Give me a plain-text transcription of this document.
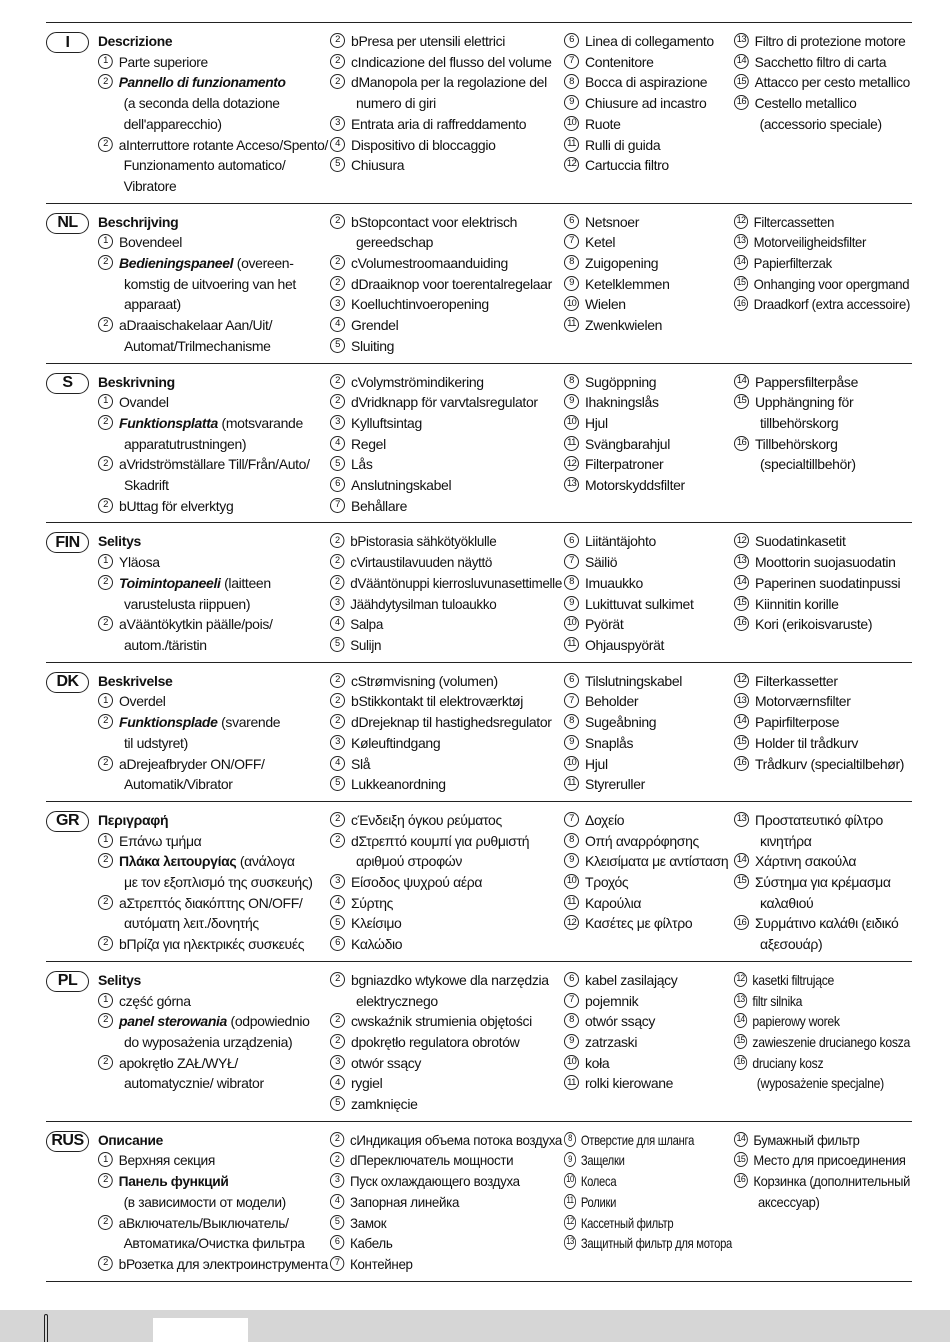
I	Descrizione
1 Parte superiore
2 Pannello di funzionamento
(a seconda della dotazione
dell'apparecchio)
2 aInterruttore rotante Acceso/Spento/
Funzionamento automatico/
Vibratore
2 bPresa per utensili elettrici
2 cIndicazione del flusso del volume
2 dManopola per la regolazione del
numero di giri
3 Entrata aria di raffreddamento
4 Dispositivo di bloccaggio
5 Chiusura
6 Linea di collegamento
7 Contenitore
8 Bocca di aspirazione
9 Chiusure ad incastro
10 Ruote
11 Rulli di guida
12 Cartuccia filtro
13 Filtro di protezione motore
14 Sacchetto filtro di carta
15 Attacco per cesto metallico
16 Cestello metallico
(accessorio speciale)
NL	Beschrijving
1 Bovendeel
2 Bedieningspaneel (overeen-
komstig de uitvoering van het
apparaat)
2 aDraaischakelaar Aan/Uit/
Automat/Trilmechanisme
2 bStopcontact voor elektrisch
gereedschap
2 cVolumestroomaanduiding
2 dDraaiknop voor toerentalregelaar
3 Koelluchtinvoeropening
4 Grendel
5 Sluiting
6 Netsnoer
7 Ketel
8 Zuigopening
9 Ketelklemmen
10 Wielen
11 Zwenkwielen
12 Filtercassetten
13 Motorveiligheidsfilter
14 Papierfilterzak
15 Onhanging voor opergmand
16 Draadkorf (extra accessoire)
S	Beskrivning
1 Ovandel
2 Funktionsplatta (motsvarande
apparatutrustningen)
2 aVridströmställare Till/Från/Auto/
Skadrift
2 bUttag för elverktyg
2 cVolymströmindikering
2 dVridknapp för varvtalsregulator
3 Kylluftsintag
4 Regel
5 Lås
6 Anslutningskabel
7 Behållare
8 Sugöppning
9 Ihakningslås
10 Hjul
11 Svängbarahjul
12 Filterpatroner
13 Motorskyddsfilter
14 Pappersfilterpåse
15 Upphängning för
tillbehörskorg
16 Tillbehörskorg
(specialtillbehör)
FIN	Selitys
1 Yläosa
2 Toimintopaneeli (laitteen
varustelusta riippuen)
2 aVääntökytkin päälle/pois/
autom./täristin
2 bPistorasia sähkötyöklulle
2 cVirtaustilavuuden näyttö
2 dVääntönuppi kierrosluvunasettimelle
3 Jäähdytysilman tuloaukko
4 Salpa
5 Sulijn
6 Liitäntäjohto
7 Säiliö
8 Imuaukko
9 Lukittuvat sulkimet
10 Pyörät
11 Ohjauspyörät
12 Suodatinkasetit
13 Moottorin suojasuodatin
14 Paperinen suodatinpussi
15 Kiinnitin korille
16 Kori (erikoisvaruste)
DK	Beskrivelse
1 Overdel
2 Funktionsplade (svarende
til udstyret)
2 aDrejeafbryder ON/OFF/
Automatik/Vibrator
2 cStrømvisning (volumen)
2 bStikkontakt til elektroværktøj
2 dDrejeknap til hastighedsregulator
3 Køleuftindgang
4 Slå
5 Lukkeanordning
6 Tilslutningskabel
7 Beholder
8 Sugeåbning
9 Snaplås
10 Hjul
11 Styreruller
12 Filterkassetter
13 Motorværnsfilter
14 Papirfilterpose
15 Holder til trådkurv
16 Trådkurv (specialtilbehør)
GR	Περιγραφή
1 Επάνω τμήμα
2 Πλάκα λειτουργίας (ανάλογα
με τον εξοπλισμό της συσκευής)
2 aΣτρεπτός διακόπτης ON/OFF/
αυτόματη λειτ./δονητής
2 bΠρίζα για ηλεκτρικές συσκευές
2 cΈνδειξη όγκου ρεύματος
2 dΣτρεπτό κουμπί για ρυθμιστή
αριθμού στροφών
3 Είσοδος ψυχρού αέρα
4 Σύρτης
5 Κλείσιμο
6 Καλώδιο
7 Δοχείο
8 Οπή αναρρόφησης
9 Κλεισίματα με αντίσταση
10 Τροχός
11 Καρούλια
12 Κασέτες με φίλτρο
13 Προστατευτικό φίλτρο
κινητήρα
14 Χάρτινη σακούλα
15 Σύστημα για κρέμασμα
καλαθιού
16 Συρμάτινο καλάθι (ειδικό
αξεσουάρ)
PL	Selitys
1 część górna
2 panel sterowania (odpowiednio
do wyposażenia urządzenia)
2 apokrętło ZAŁ/WYŁ/
automatycznie/ wibrator
2 bgniazdko wtykowe dla narzędzia
elektrycznego
2 cwskaźnik strumienia objętości
2 dpokrętło regulatora obrotów
3 otwór ssący
4 rygiel
5 zamknięcie
6 kabel zasilający
7 pojemnik
8 otwór ssący
9 zatrzaski
10 koła
11 rolki kierowane
12 kasetki filtrujące
13 filtr silnika
14 papierowy worek
15 zawieszenie drucianego kosza
16 druciany kosz
(wyposażenie specjalne)
RUS	Описание
1 Верхняя секция
2 Панель функций
(в зависимости от модели)
2 aВключатель/Выключатель/
Автоматика/Очистка фильтра
2 bРозетка для электроинструмента
2 cИндикация объема потока воздуха
2 dПереключатель мощности
3 Пуск охлаждающего воздуха
4 Запорная линейка
5 Замок
6 Кабель
7 Контейнер
8 Отверстие для шланга
9 Защелки
10 Колеса
11 Ролики
12 Кассетный фильтр
13 Защитный фильтр для мотора
14 Бумажный фильтр
15 Место для присоединения
16 Корзинка (дополнительный
аксессуар)
